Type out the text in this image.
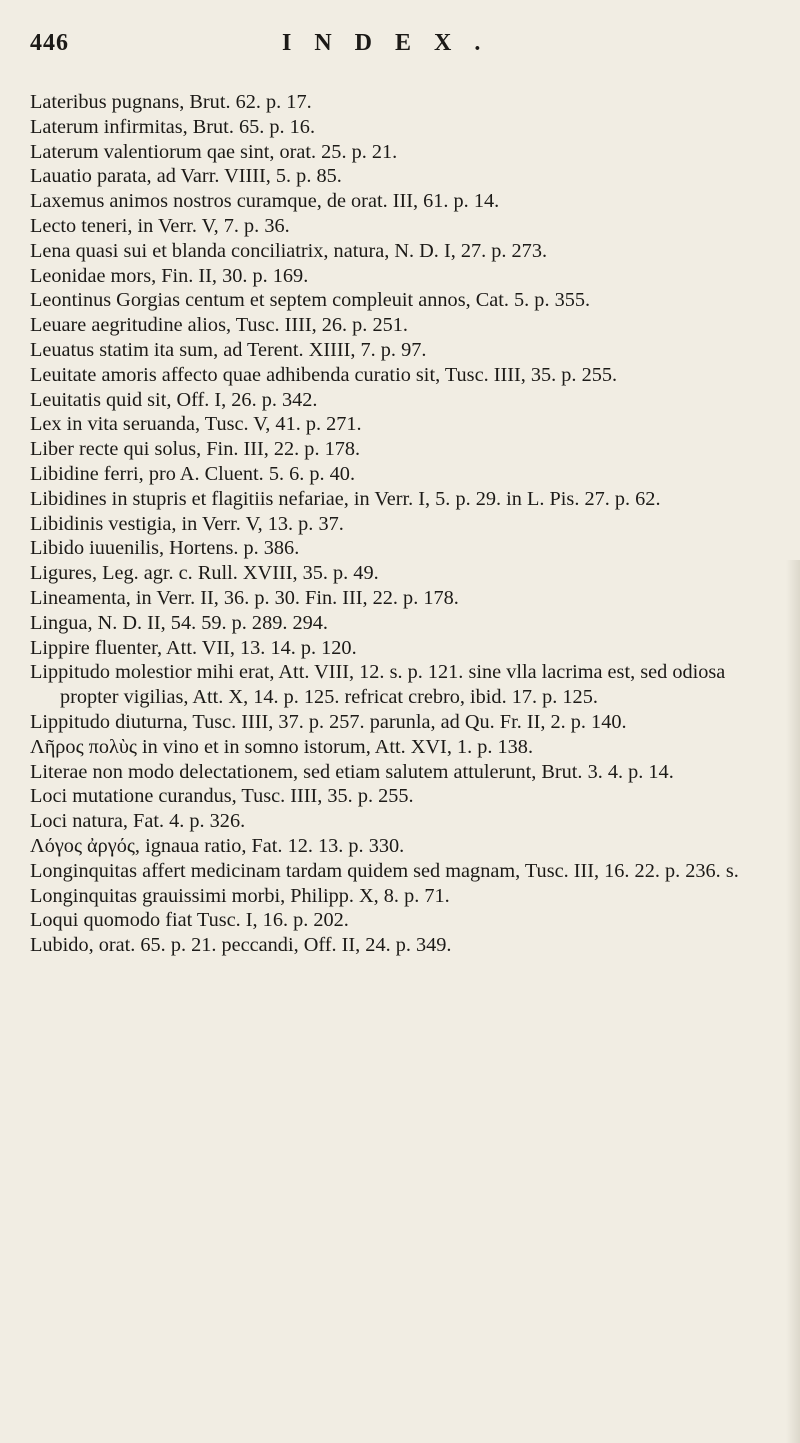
446	INDEX.

Lateribus pugnans, Brut. 62. p. 17.

Laterum infirmitas, Brut. 65. p. 16.

Laterum valentiorum qae sint, orat. 25. p. 21.

Lauatio parata, ad Varr. VIIII, 5. p. 85.

Laxemus animos nostros curamque, de orat. III, 61. p. 14.

Lecto teneri, in Verr. V, 7. p. 36.

Lena quasi sui et blanda conciliatrix, natura, N. D. I, 27. p. 273.

Leonidae mors, Fin. II, 30. p. 169.

Leontinus Gorgias centum et septem compleuit annos, Cat. 5. p. 355.

Leuare aegritudine alios, Tusc. IIII, 26. p. 251.

Leuatus statim ita sum, ad Terent. XIIII, 7. p. 97.

Leuitate amoris affecto quae adhibenda curatio sit, Tusc. IIII, 35. p. 255.

Leuitatis quid sit, Off. I, 26. p. 342.

Lex in vita seruanda, Tusc. V, 41. p. 271.

Liber recte qui solus, Fin. III, 22. p. 178.

Libidine ferri, pro A. Cluent. 5. 6. p. 40.

Libidines in stupris et flagitiis nefariae, in Verr. I, 5. p. 29. in L. Pis. 27. p. 62.

Libidinis vestigia, in Verr. V, 13. p. 37.

Libido iuuenilis, Hortens. p. 386.

Ligures, Leg. agr. c. Rull. XVIII, 35. p. 49.

Lineamenta, in Verr. II, 36. p. 30. Fin. III, 22. p. 178.

Lingua, N. D. II, 54. 59. p. 289. 294.

Lippire fluenter, Att. VII, 13. 14. p. 120.

Lippitudo molestior mihi erat, Att. VIII, 12. s. p. 121. sine vlla lacrima est, sed odiosa propter vigilias, Att. X, 14. p. 125. refricat crebro, ibid. 17. p. 125.

Lippitudo diuturna, Tusc. IIII, 37. p. 257. parunla, ad Qu. Fr. II, 2. p. 140.

Λῆρος πολὺς in vino et in somno istorum, Att. XVI, 1. p. 138.

Literae non modo delectationem, sed etiam salutem attulerunt, Brut. 3. 4. p. 14.

Loci mutatione curandus, Tusc. IIII, 35. p. 255.

Loci natura, Fat. 4. p. 326.

Λόγος ἀργός, ignaua ratio, Fat. 12. 13. p. 330.

Longinquitas affert medicinam tardam quidem sed magnam, Tusc. III, 16. 22. p. 236. s.

Longinquitas grauissimi morbi, Philipp. X, 8. p. 71.

Loqui quomodo fiat Tusc. I, 16. p. 202.

Lubido, orat. 65. p. 21. peccandi, Off. II, 24. p. 349.
